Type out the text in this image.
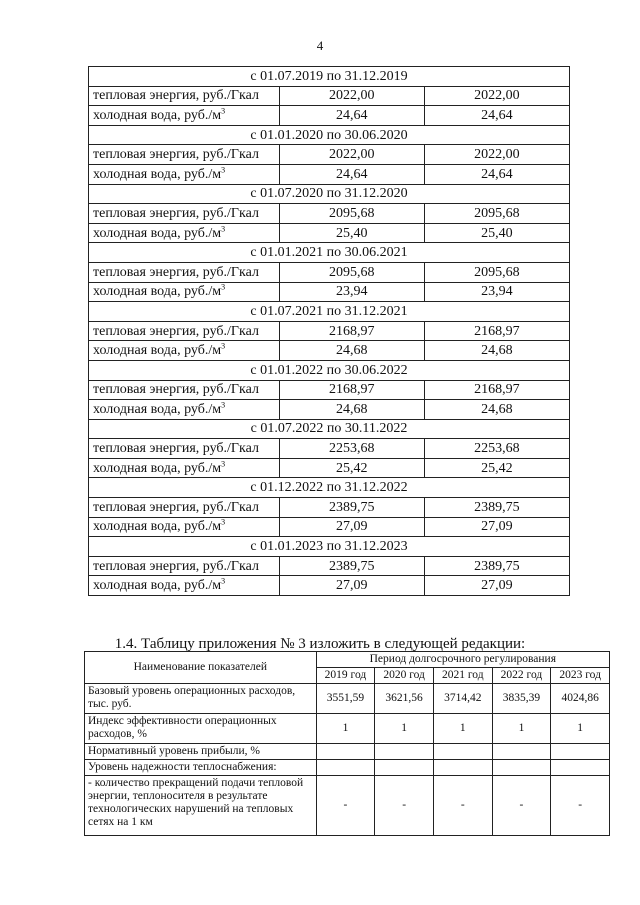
4
с 01.07.2019 по 31.12.2019		
тепловая энергия, руб./Гкал	2022,00	2022,00
холодная вода, $руб./м^3$	24,64	24,64
с 01.01.2020 по 30.06.2020		
тепловая энергия, руб./Гкал	2022,00	2022,00
холодная вода, $руб./м^3$	24,64	24,64
с 01.07.2020 по 31.12.2020		
тепловая энергия, руб./Гкал	2095,68	2095,68
холодная вода, $руб./м^3$	25,40	25,40
с 01.01.2021 по 30.06.2021		
тепловая энергия, руб./Гкал	2095,68	2095,68
холодная вода, $руб./м^3$	23,94	23,94
с 01.07.2021 по 31.12.2021		
тепловая энергия, руб./Гкал	2168,97	2168,97
холодная вода, $руб./м^3$	24,68	24,68
с 01.01.2022 по 30.06.2022		
тепловая энергия, руб./Гкал	2168,97	2168,97
холодная вода, $руб./м^3$	24,68	24,68
с 01.07.2022 по 30.11.2022		
тепловая энергия, руб./Гкал	2253,68	2253,68
холодная вода, $руб./м^3$	25,42	25,42
с 01.12.2022 по 31.12.2022		
тепловая энергия, руб./Гкал	2389,75	2389,75
холодная вода, $руб./м^3$	27,09	27,09
с 01.01.2023 по 31.12.2023		
тепловая энергия, руб./Гкал	2389,75	2389,75
холодная вода, $руб./м^3$	27,09	27,09
1.4. Таблицу приложения № 3 изложить в следующей редакции:
Наименование показателей	Период долгосрочного регулирования				
	2019 год	2020 год	2021 год	2022 год	2023 год
Базовый уровень операционных расходов, тыс. руб.	3551,59	3621,56	3714,42	3835,39	4024,86
Индекс эффективности операционных расходов, %	1	1	1	1	1
Нормативный уровень прибыли, %					
Уровень надежности теплоснабжения:					
- количество прекращений подачи тепловой энергии, теплоносителя в результате технологических нарушений на тепловых сетях на 1 км	-	-	-	-	-
